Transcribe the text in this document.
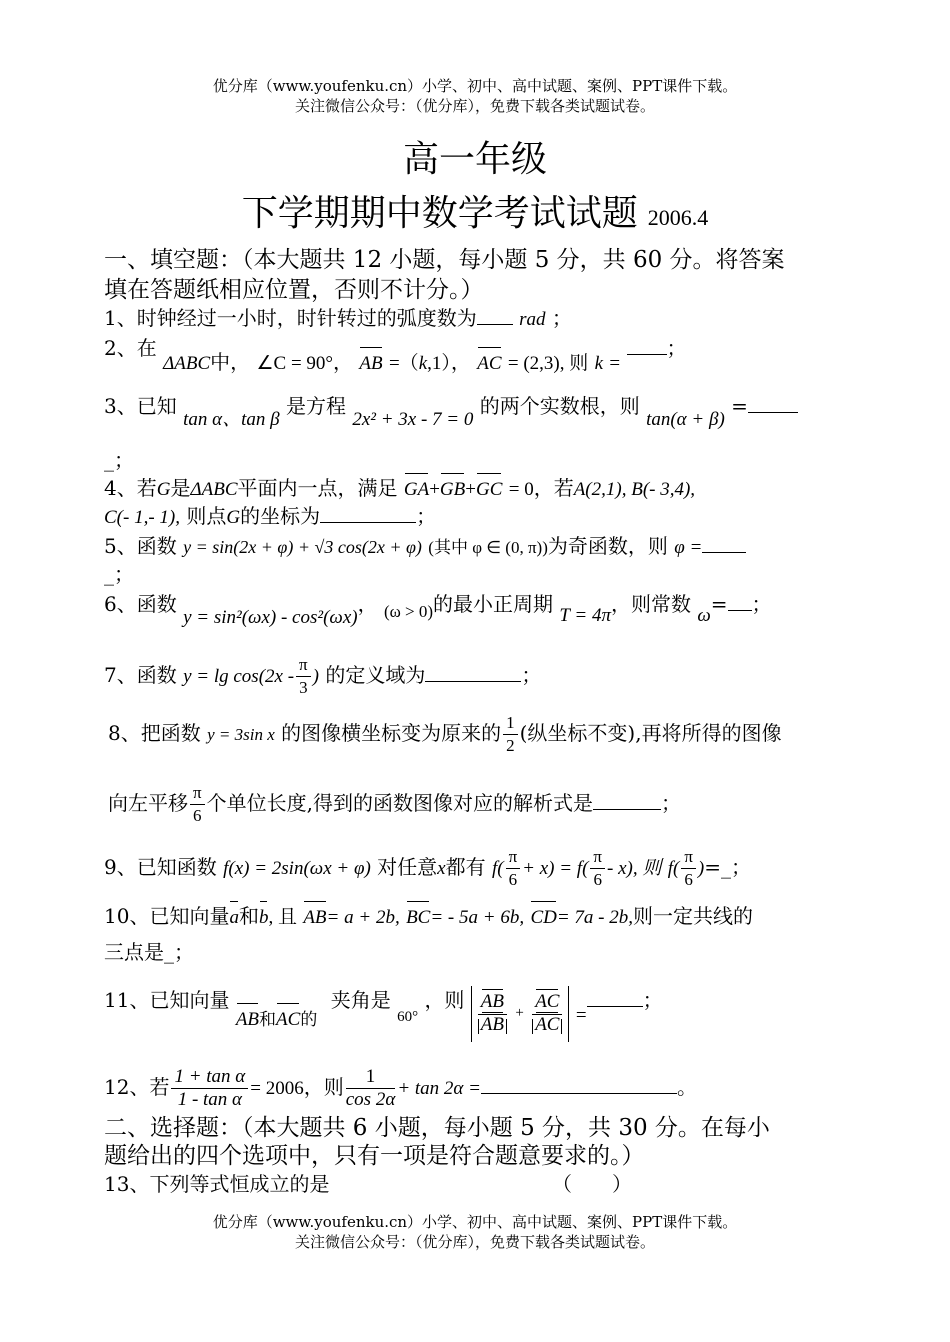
优分库（www.youfenku.cn）小学、初中、高中试题、案例、PPT课件下载。
关注微信公众号：（优分库），免费下载各类试题试卷。
高一年级
下学期期中数学考试试题 2006.4
一、填空题：（本大题共 12 小题，每小题 5 分，共 60 分。将答案
填在答题纸相应位置，否则不计分。）
1、时钟经过一小时，时针转过的弧度数为 rad ；
2、在 ΔABC中， ∠C = 90°， AB =（k,1）， AC = (2,3), 则 k = ；
3、已知 tan α、tan β 是方程 2x² + 3x - 7 = 0 的两个实数根，则 tan(α + β) =
_；
4、若G是ΔABC平面内一点，满足 GA+GB+GC = 0，若A(2,1), B(- 3,4),
C(- 1,- 1), 则点G的坐标为	；
5、函数 y = sin(2x + φ) + √3 cos(2x + φ) (其中 φ ∈ (0, π))为奇函数，则 φ =
_；
6、函数 y = sin²(ωx) - cos²(ωx)， $_{(\omega > 0)}$的最小正周期 T = 4π，则常数 ω= ；
7、函数 $y = \lg \cos(2x - \frac{\pi}{3}$ ) 的定义域为	；
8、把函数 y = 3sin x 的图像横坐标变为原来的 $\frac{1}{2}$ (纵坐标不变),再将所得的图像
向左平移 $\frac{\pi}{6}$ 个单位长度,得到的函数图像对应的解析式是	；
9、已知函数 f(x) = 2sin(ωx + φ) 对任意x都有 $f( \frac{\pi}{6} + x) = f( \frac{\pi}{6} - x)$, 则 $f( \frac{\pi}{6}$ )=_；
10、已知向量a和b, 且 AB= a + 2b, BC= - 5a + 6b, CD= 7a - 2b,则一定共线的
三点是_；
11、已知向量 $_{AB和AC的}$ 夹角是 $_{60^\circ}$ ，则 $\frac{AB}{AB} + \frac{AC}{AC}$ =；
12、若 $\frac{\text{1 + tan α}}{\text{1 - tan α}} = 2006$，则 $\frac{1}{\cos 2\alpha} + \tan 2\alpha$ =	。
二、选择题：（本大题共 6 小题，每小题 5 分，共 30 分。在每小
题给出的四个选项中，只有一项是符合题意要求的。）
13、下列等式恒成立的是	（　　）
优分库（www.youfenku.cn）小学、初中、高中试题、案例、PPT课件下载。
关注微信公众号：（优分库），免费下载各类试题试卷。
